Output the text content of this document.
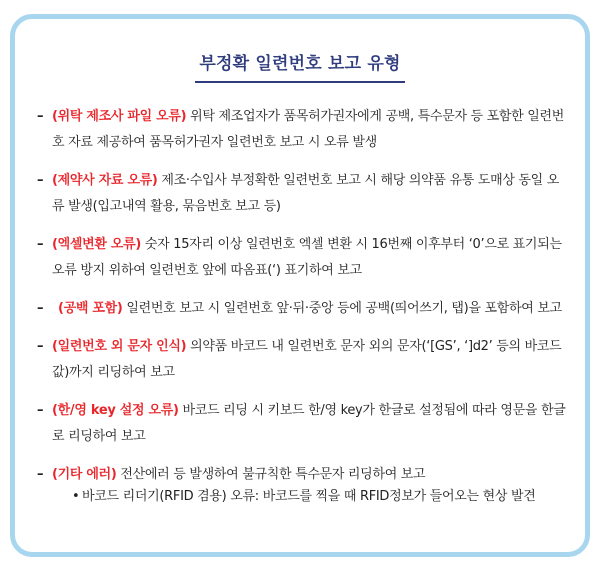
부정확 일련번호 보고 유형
– (위탁 제조사 파일 오류) 위탁 제조업자가 품목허가권자에게 공백, 특수문자 등 포함한 일련번호 자료 제공하여 품목허가권자 일련번호 보고 시 오류 발생
– (제약사 자료 오류) 제조·수입사 부정확한 일련번호 보고 시 해당 의약품 유통 도매상 동일 오류 발생(입고내역 활용, 묶음번호 보고 등)
– (엑셀변환 오류) 숫자 15자리 이상 일련번호 엑셀 변환 시 16번째 이후부터 ‘0’으로 표기되는 오류 방지 위하여 일련번호 앞에 따옴표(‘) 표기하여 보고
– (공백 포함) 일련번호 보고 시 일련번호 앞·뒤·중앙 등에 공백(띄어쓰기, 탭)을 포함하여 보고
– (일련번호 외 문자 인식) 의약품 바코드 내 일련번호 문자 외의 문자(‘[GS’, ‘]d2’ 등의 바코드 값)까지 리딩하여 보고
– (한/영 key 설정 오류) 바코드 리딩 시 키보드 한/영 key가 한글로 설정됨에 따라 영문을 한글로 리딩하여 보고
– (기타 에러) 전산에러 등 발생하여 불규칙한 특수문자 리딩하여 보고
• 바코드 리더기(RFID 겸용) 오류: 바코드를 찍을 때 RFID정보가 들어오는 현상 발견
